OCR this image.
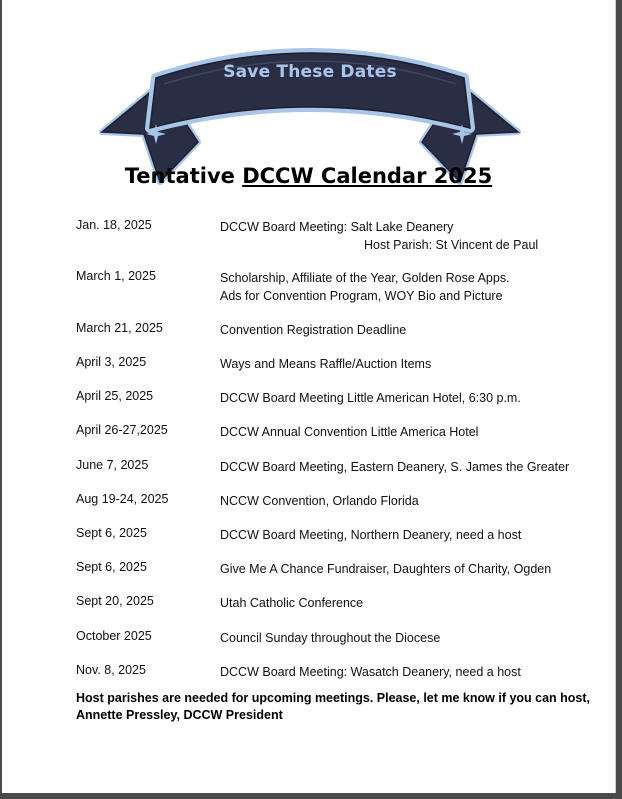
Save These Dates
Tentative DCCW Calendar 2025
Jan. 18, 2025	DCCW Board Meeting: Salt Lake Deanery
Host Parish: St Vincent de Paul
March 1, 2025	Scholarship, Affiliate of the Year, Golden Rose Apps.
Ads for Convention Program, WOY Bio and Picture
March 21, 2025	Convention Registration Deadline
April 3, 2025	Ways and Means Raffle/Auction Items
April 25, 2025	DCCW Board Meeting Little American Hotel, 6:30 p.m.
April 26-27,2025	DCCW Annual Convention Little America Hotel
June 7, 2025	DCCW Board Meeting, Eastern Deanery, S. James the Greater
Aug 19-24, 2025	NCCW Convention, Orlando Florida
Sept 6, 2025	DCCW Board Meeting, Northern Deanery, need a host
Sept 6, 2025	Give Me A Chance Fundraiser, Daughters of Charity, Ogden
Sept 20, 2025	Utah Catholic Conference
October 2025	Council Sunday throughout the Diocese
Nov. 8, 2025	DCCW Board Meeting: Wasatch Deanery, need a host
Host parishes are needed for upcoming meetings. Please, let me know if you can host,
Annette Pressley, DCCW President
